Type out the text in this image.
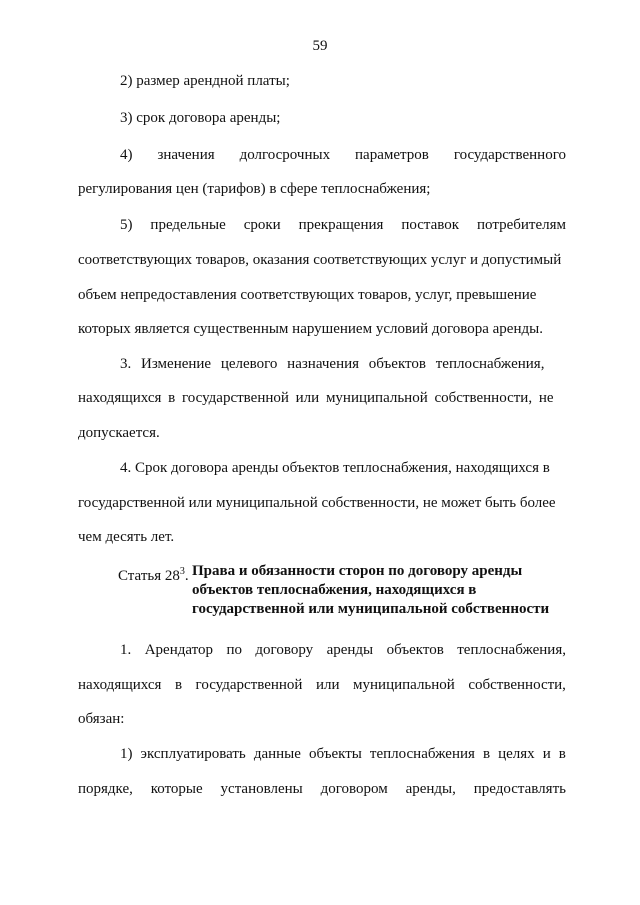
59
2) размер арендной платы;
3) срок договора аренды;
4) значения долгосрочных параметров государственного
регулирования цен (тарифов) в сфере теплоснабжения;
5) предельные сроки прекращения поставок потребителям
соответствующих товаров, оказания соответствующих услуг и допустимый
объем непредоставления соответствующих товаров, услуг, превышение
которых является существенным нарушением условий договора аренды.
3. Изменение целевого назначения объектов теплоснабжения,
находящихся в государственной или муниципальной собственности, не
допускается.
4. Срок договора аренды объектов теплоснабжения, находящихся в
государственной или муниципальной собственности, не может быть более
чем десять лет.
Статья $28^3$. Права и обязанности сторон по договору аренды
объектов теплоснабжения, находящихся в
государственной или муниципальной собственности
1. Арендатор по договору аренды объектов теплоснабжения,
находящихся в государственной или муниципальной собственности,
обязан:
1) эксплуатировать данные объекты теплоснабжения в целях и в
порядке, которые установлены договором аренды, предоставлять
